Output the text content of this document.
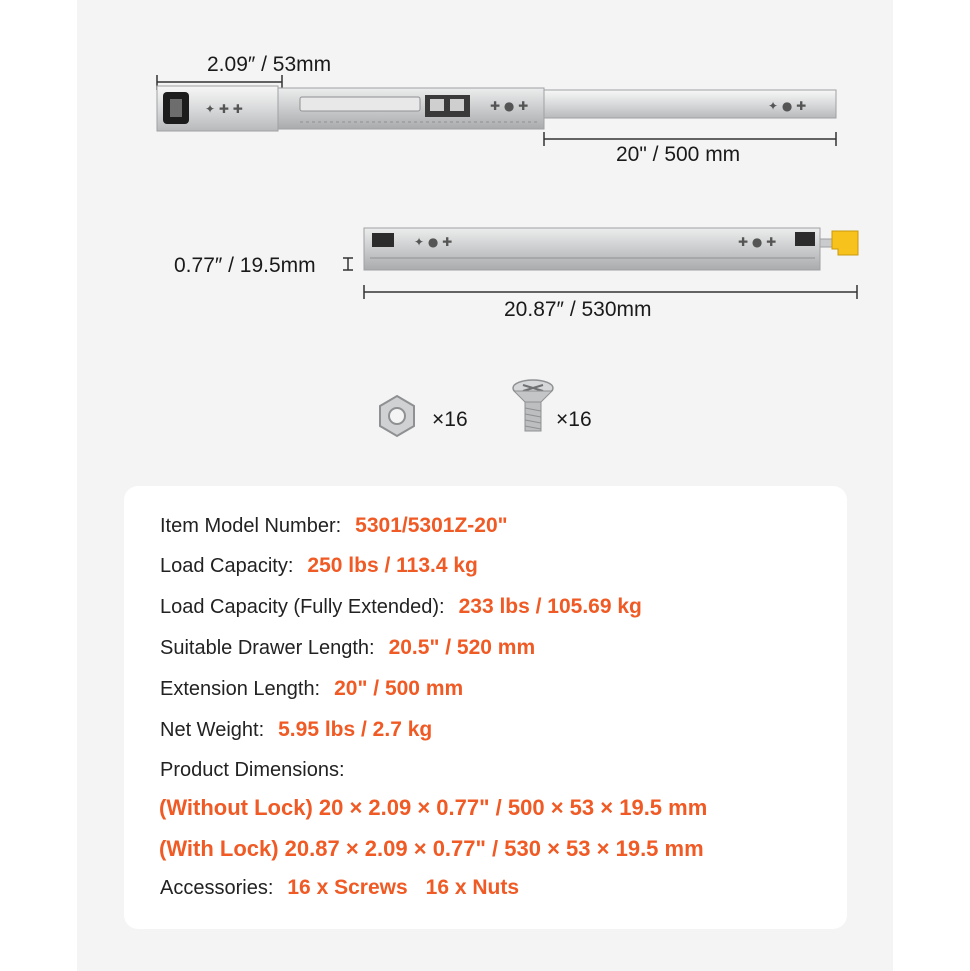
✦ ✚ ✚	✚ ● ✚	✦ ● ✚
✦ ● ✚	✚ ● ✚
2.09″ / 53mm
20" / 500 mm
0.77″ / 19.5mm
20.87″ / 530mm
×16	×16
Item Model Number: 5301/5301Z-20"
Load Capacity: 250 lbs / 113.4 kg
Load Capacity (Fully Extended): 233 lbs / 105.69 kg
Suitable Drawer Length: 20.5" / 520 mm
Extension Length: 20" / 500 mm
Net Weight: 5.95 lbs / 2.7 kg
Product Dimensions:
(Without Lock) 20 × 2.09 × 0.77" / 500 × 53 × 19.5 mm
(With Lock) 20.87 × 2.09 × 0.77" / 530 × 53 × 19.5 mm
Accessories: 16 x Screws 16 x Nuts
